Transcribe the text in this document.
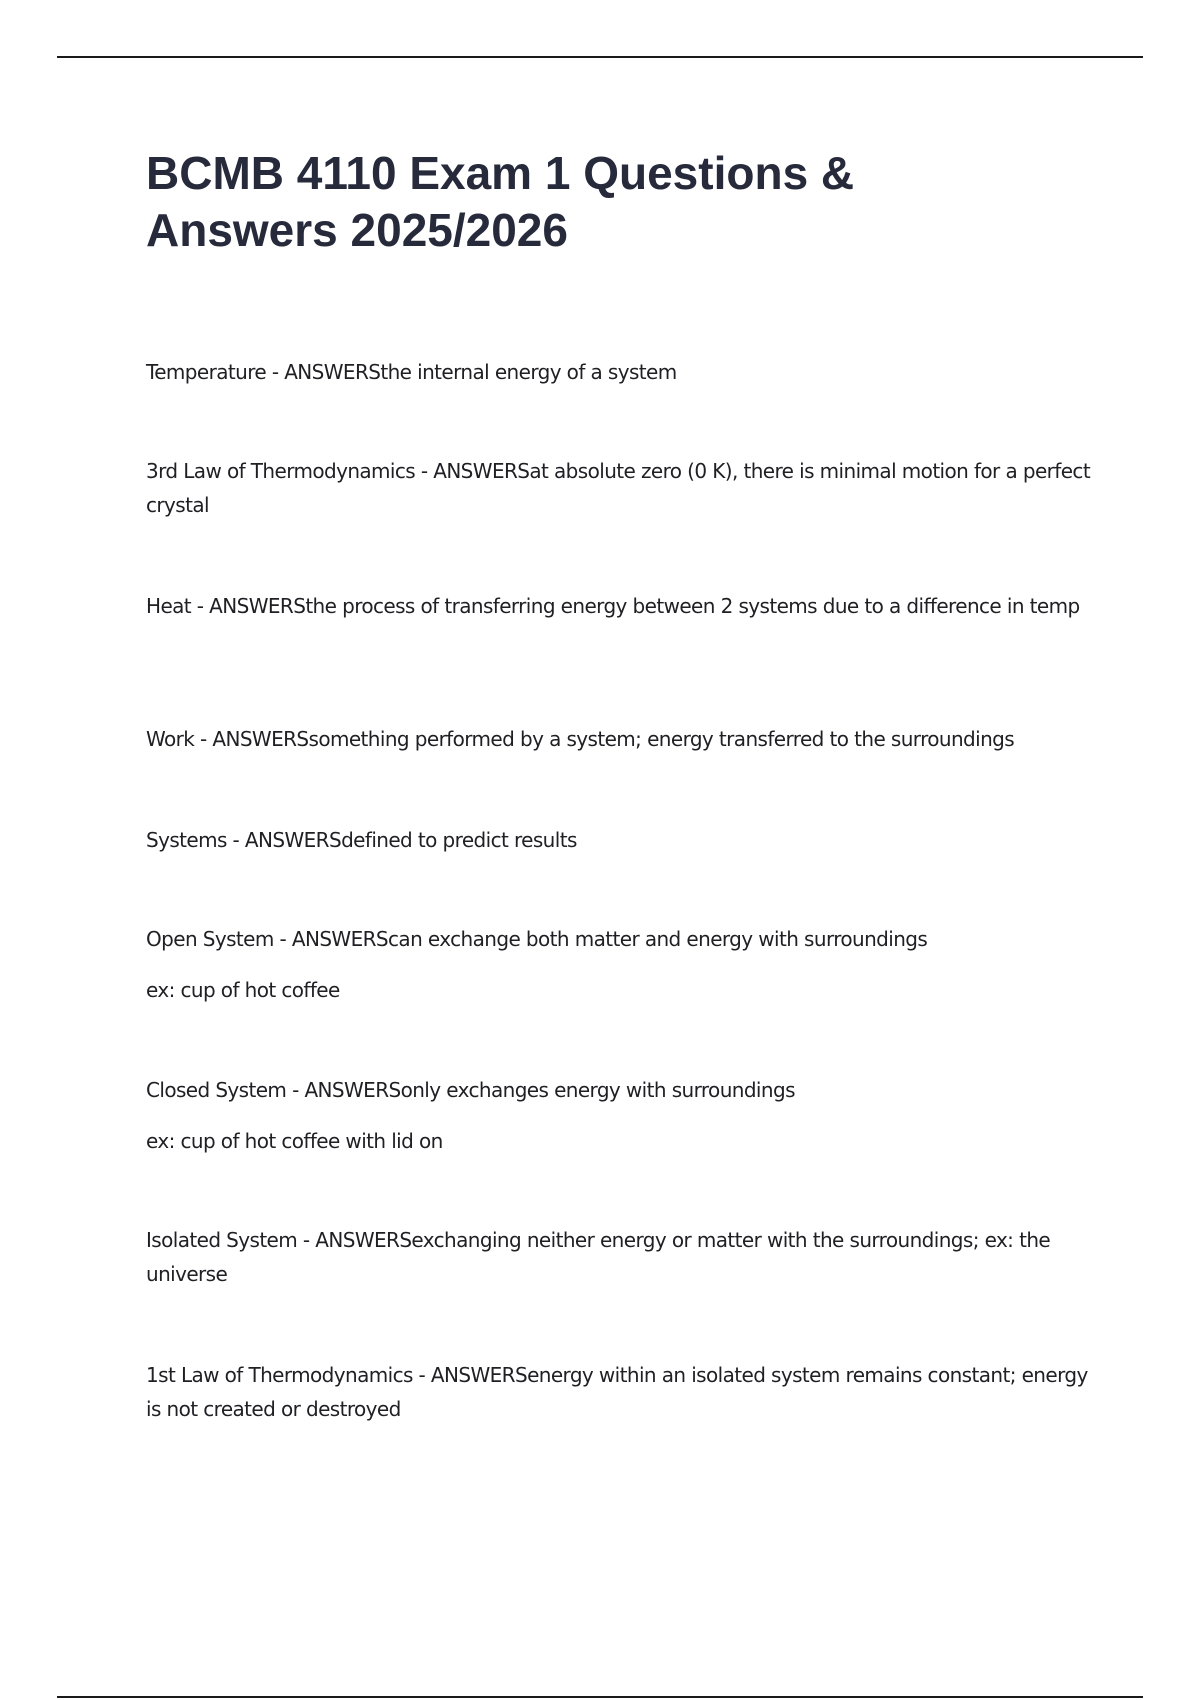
BCMB 4110 Exam 1 Questions & Answers 2025/2026

Temperature - ANSWERSthe internal energy of a system

3rd Law of Thermodynamics - ANSWERSat absolute zero (0 K), there is minimal motion for a perfect crystal

Heat - ANSWERSthe process of transferring energy between 2 systems due to a difference in temp

Work - ANSWERSsomething performed by a system; energy transferred to the surroundings

Systems - ANSWERSdefined to predict results

Open System - ANSWERScan exchange both matter and energy with surroundings

ex: cup of hot coffee

Closed System - ANSWERSonly exchanges energy with surroundings

ex: cup of hot coffee with lid on

Isolated System - ANSWERSexchanging neither energy or matter with the surroundings; ex: the universe

1st Law of Thermodynamics - ANSWERSenergy within an isolated system remains constant; energy is not created or destroyed
